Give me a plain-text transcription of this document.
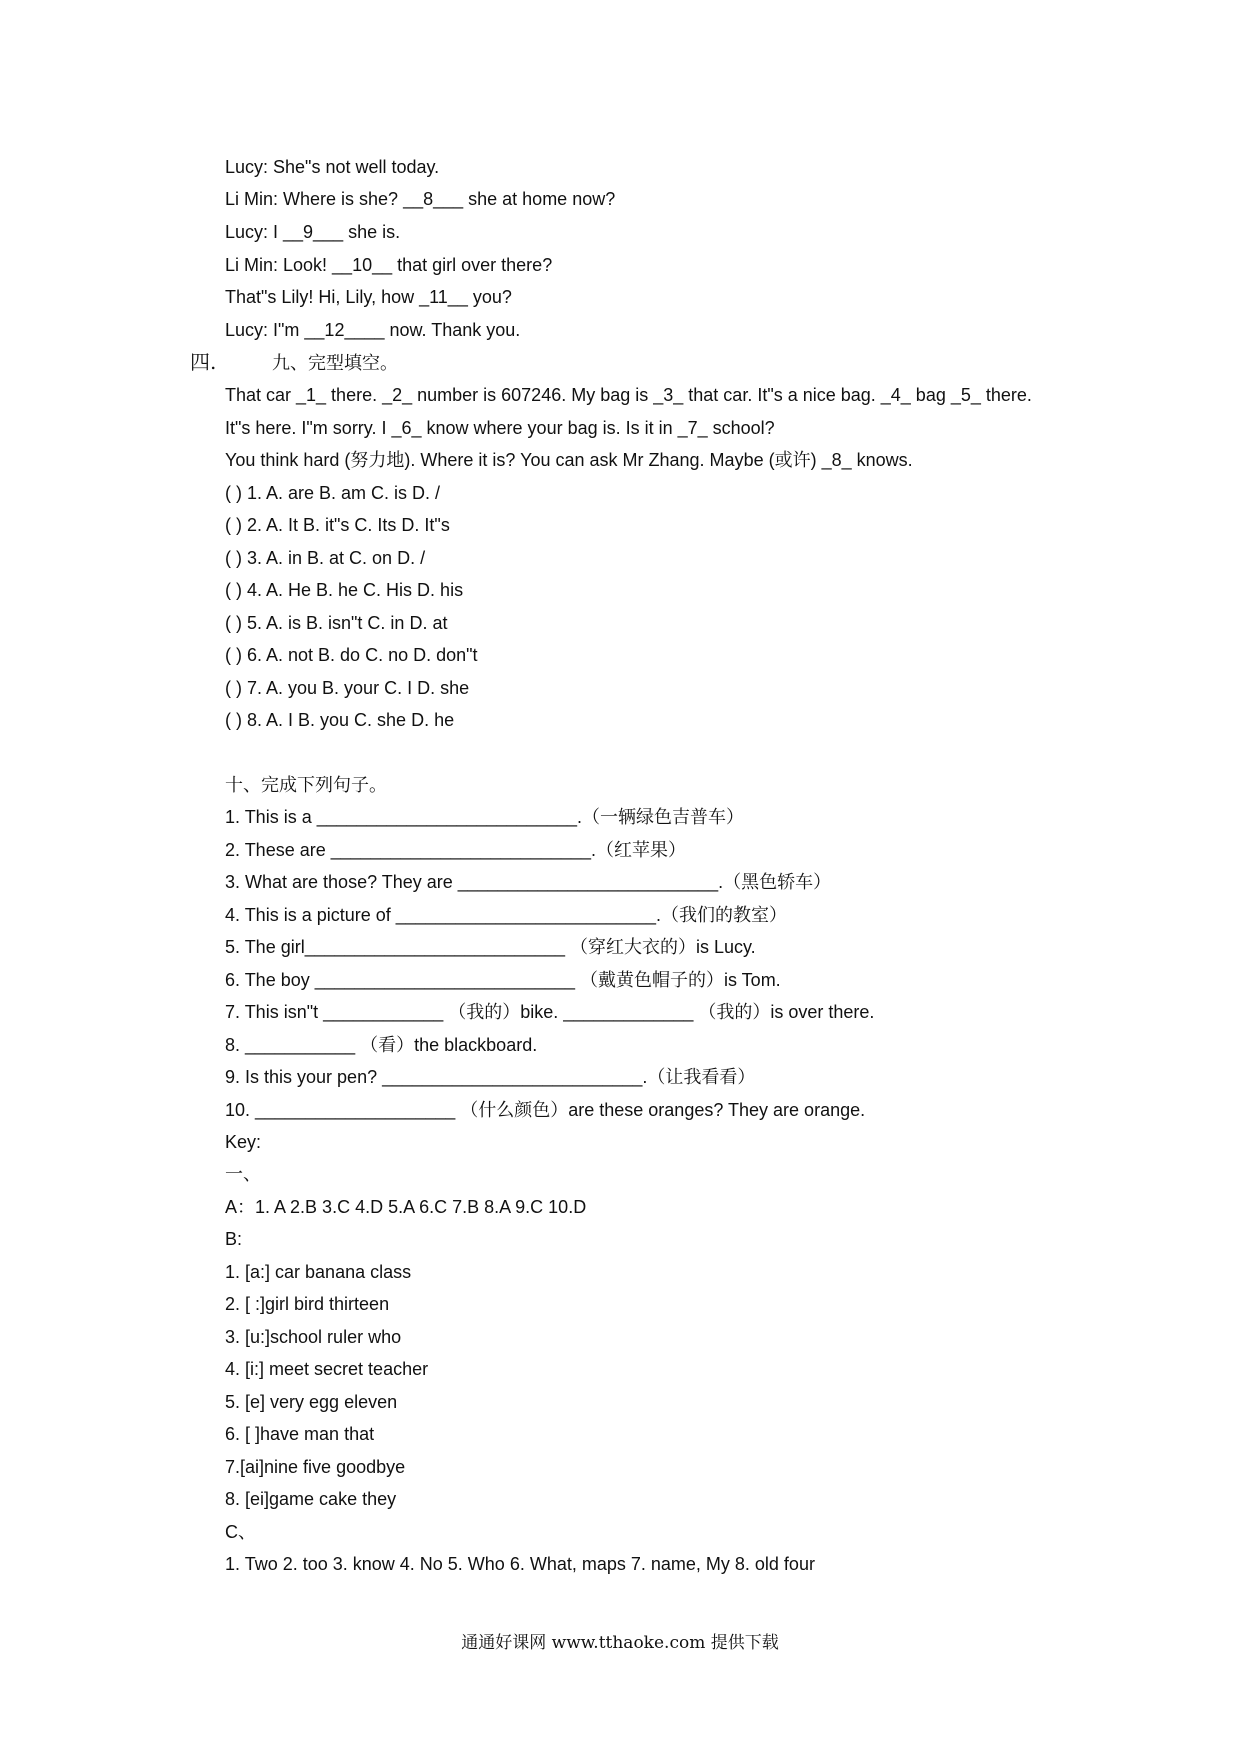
Lucy: She"s not well today.
Li Min: Where is she? __8___ she at home now?
Lucy: I __9___ she is.
Li Min: Look! __10__ that girl over there?
That"s Lily! Hi, Lily, how _11__ you?
Lucy: I"m __12____ now. Thank you.
四.	九、完型填空。
That car _1_ there. _2_ number is 607246. My bag is _3_ that car. It"s a nice bag. _4_ bag _5_ there.
It"s here. I"m sorry. I _6_ know where your bag is. Is it in _7_ school?
You think hard (努力地). Where it is? You can ask Mr Zhang. Maybe (或许) _8_ knows.
( ) 1. A. are B. am C. is D. /
( ) 2. A. It B. it"s C. Its D. It"s
( ) 3. A. in B. at C. on D. /
( ) 4. A. He B. he C. His D. his
( ) 5. A. is B. isn"t C. in D. at
( ) 6. A. not B. do C. no D. don"t
( ) 7. A. you B. your C. I D. she
( ) 8. A. I B. you C. she D. he
十、完成下列句子。
1. This is a __________________________.（一辆绿色吉普车）
2. These are __________________________.（红苹果）
3. What are those? They are __________________________.（黑色轿车）
4. This is a picture of __________________________.（我们的教室）
5. The girl__________________________ （穿红大衣的）is Lucy.
6. The boy __________________________ （戴黄色帽子的）is Tom.
7. This isn"t ____________ （我的）bike. _____________ （我的）is over there.
8. ___________ （看）the blackboard.
9. Is this your pen? __________________________.（让我看看）
10. ____________________ （什么颜色）are these oranges? They are orange.
Key:
一、
A：1. A 2.B 3.C 4.D 5.A 6.C 7.B 8.A 9.C 10.D
B:
1. [a:] car banana class
2. [ :]girl bird thirteen
3. [u:]school ruler who
4. [i:] meet secret teacher
5. [e] very egg eleven
6. [ ]have man that
7.[ai]nine five goodbye
8. [ei]game cake they
C、
1. Two 2. too 3. know 4. No 5. Who 6. What, maps 7. name, My 8. old four
通通好课网 www.tthaoke.com 提供下载
